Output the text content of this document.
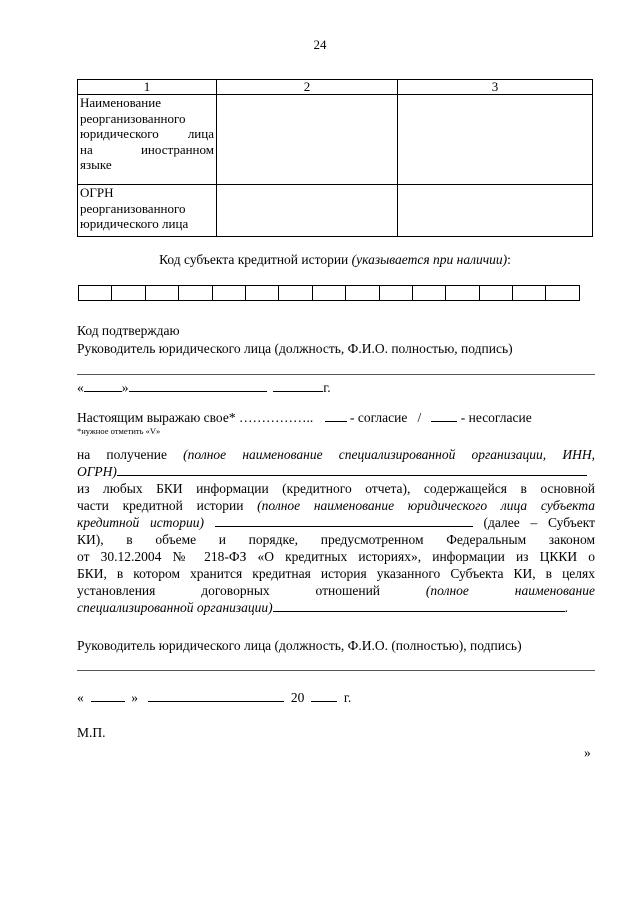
24
1	2	3

Наименование
реорганизованного
юридического лица
на иностранном
языке		

ОГРН
реорганизованного
юридического лица		

Код субъекта кредитной истории (указывается при наличии):
Код подтверждаю
Руководитель юридического лица (должность, Ф.И.О. полностью, подпись)
«	»	г.
Настоящим выражаю свое* ……………..	- согласие /	- несогласие
*нужное отметить «V»
на получение (полное наименование специализированной организации, ИНН,
ОГРН)
из любых БКИ информации (кредитного отчета), содержащейся в основной
части кредитной истории (полное наименование юридического лица субъекта
кредитной истории)	(далее – Субъект
КИ), в объеме и порядке, предусмотренном Федеральным законом
от 30.12.2004 № 218-ФЗ «О кредитных историях», информации из ЦККИ о
БКИ, в котором хранится кредитная история указанного Субъекта КИ, в целях
установления договорных отношений (полное наименование
специализированной организации)	.
Руководитель юридического лица (должность, Ф.И.О. (полностью), подпись)
«	»	20	г.
М.П.
»
